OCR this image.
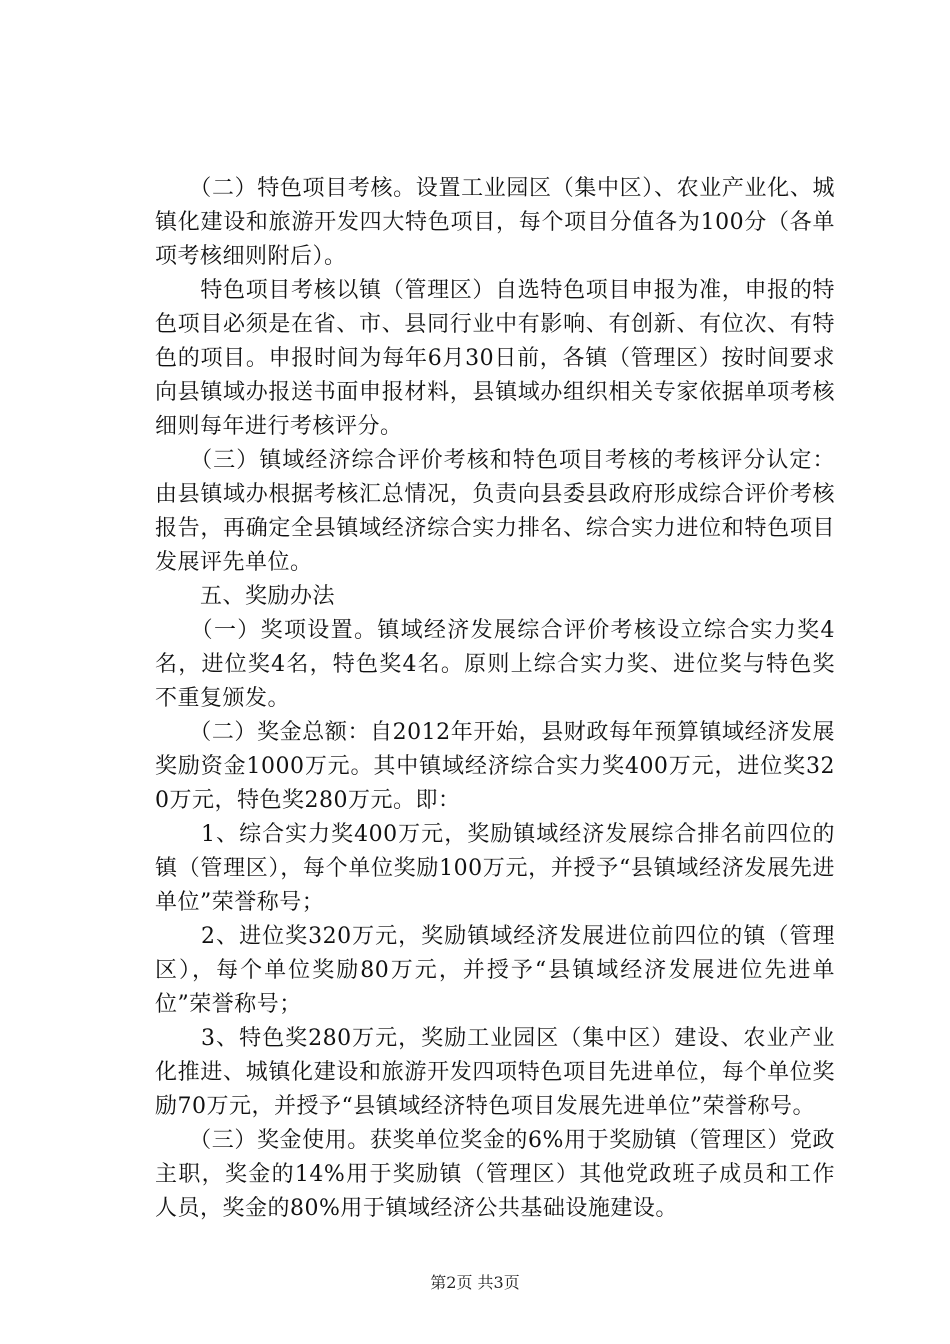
　　（二）特色项目考核。设置工业园区（集中区）、农业产业化、城镇化建设和旅游开发四大特色项目，每个项目分值各为100分（各单项考核细则附后）。

　　特色项目考核以镇（管理区）自选特色项目申报为准，申报的特色项目必须是在省、市、县同行业中有影响、有创新、有位次、有特色的项目。申报时间为每年6月30日前，各镇（管理区）按时间要求向县镇域办报送书面申报材料，县镇域办组织相关专家依据单项考核细则每年进行考核评分。

　　（三）镇域经济综合评价考核和特色项目考核的考核评分认定：由县镇域办根据考核汇总情况，负责向县委县政府形成综合评价考核报告，再确定全县镇域经济综合实力排名、综合实力进位和特色项目发展评先单位。

　　五、奖励办法

　　（一）奖项设置。镇域经济发展综合评价考核设立综合实力奖4名，进位奖4名，特色奖4名。原则上综合实力奖、进位奖与特色奖不重复颁发。

　　（二）奖金总额：自2012年开始，县财政每年预算镇域经济发展奖励资金1000万元。其中镇域经济综合实力奖400万元，进位奖320万元，特色奖280万元。即：

　　1、综合实力奖400万元，奖励镇域经济发展综合排名前四位的镇（管理区），每个单位奖励100万元，并授予“县镇域经济发展先进单位”荣誉称号；

　　2、进位奖320万元，奖励镇域经济发展进位前四位的镇（管理区），每个单位奖励80万元，并授予“县镇域经济发展进位先进单位”荣誉称号；

　　3、特色奖280万元，奖励工业园区（集中区）建设、农业产业化推进、城镇化建设和旅游开发四项特色项目先进单位，每个单位奖励70万元，并授予“县镇域经济特色项目发展先进单位”荣誉称号。

　　（三）奖金使用。获奖单位奖金的6%用于奖励镇（管理区）党政主职，奖金的14%用于奖励镇（管理区）其他党政班子成员和工作人员，奖金的80%用于镇域经济公共基础设施建设。

第2页 共3页
